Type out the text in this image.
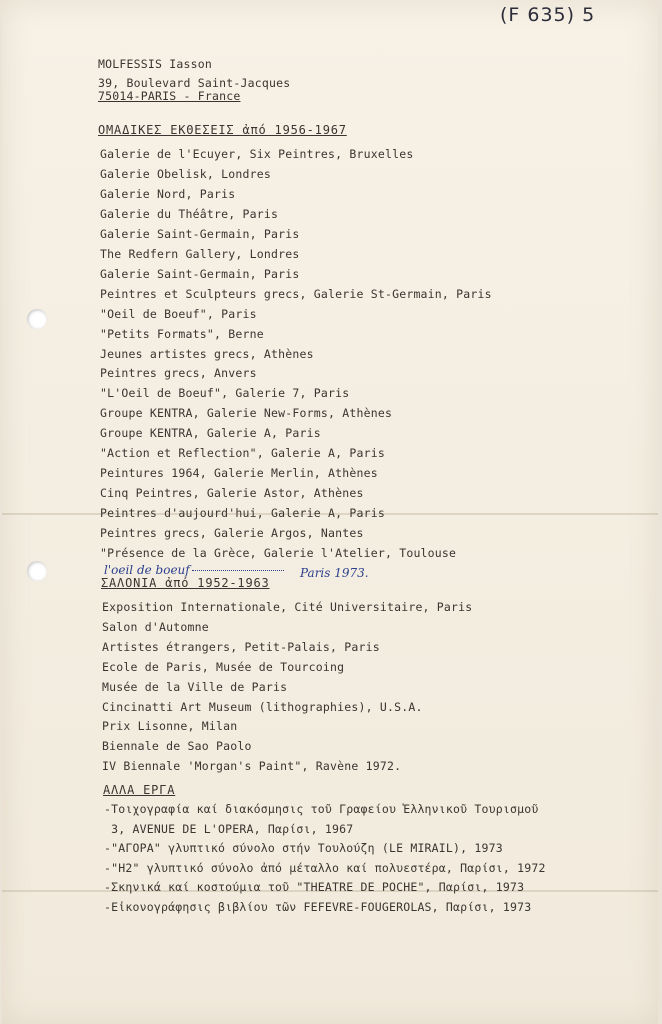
(F 635) 5
MOLFESSIS Iasson
39, Boulevard Saint-Jacques
75014-PARIS - France
ΟΜΑΔΙΚΕΣ ΕΚΘΕΣΕΙΣ ἀπό 1956-1967
Galerie de l'Ecuyer, Six Peintres, Bruxelles
Galerie Obelisk, Londres
Galerie Nord, Paris
Galerie du Théâtre, Paris
Galerie Saint-Germain, Paris
The Redfern Gallery, Londres
Galerie Saint-Germain, Paris
Peintres et Sculpteurs grecs, Galerie St-Germain, Paris
"Oeil de Boeuf", Paris
"Petits Formats", Berne
Jeunes artistes grecs, Athènes
Peintres grecs, Anvers
"L'Oeil de Boeuf", Galerie 7, Paris
Groupe KENTRA, Galerie New-Forms, Athènes
Groupe KENTRA, Galerie A, Paris
"Action et Reflection", Galerie A, Paris
Peintures 1964, Galerie Merlin, Athènes
Cinq Peintres, Galerie Astor, Athènes
Peintres d'aujourd'hui, Galerie A, Paris
Peintres grecs, Galerie Argos, Nantes
"Présence de la Grèce, Galerie l'Atelier, Toulouse
l'oeil de boeuf	Paris 1973.
ΣΑΛΟΝΙΑ ἀπό 1952-1963
Exposition Internationale, Cité Universitaire, Paris
Salon d'Automne
Artistes étrangers, Petit-Palais, Paris
Ecole de Paris, Musée de Tourcoing
Musée de la Ville de Paris
Cincinatti Art Museum (lithographies), U.S.A.
Prix Lisonne, Milan
Biennale de Sao Paolo
IV Biennale 'Morgan's Paint", Ravène 1972.
ΑΛΛΑ ΕΡΓΑ
-Τοιχογραφία καί διακόσμησις τοῦ Γραφείου Ἑλληνικοῦ Τουρισμοῦ
3, AVENUE DE L'OPERA, Παρίσι, 1967
-"ΑΓΟΡΑ" γλυπτικό σύνολο στήν Τουλούζη (LE MIRAIL), 1973
-"Η2" γλυπτικό σύνολο ἀπό μέταλλο καί πολυεστέρα, Παρίσι, 1972
-Σκηνικά καί κοστούμια τοῦ "THEATRE DE POCHE", Παρίσι, 1973
-Εἰκονογράφησις βιβλίου τῶν FEFEVRE-FOUGEROLAS, Παρίσι, 1973
